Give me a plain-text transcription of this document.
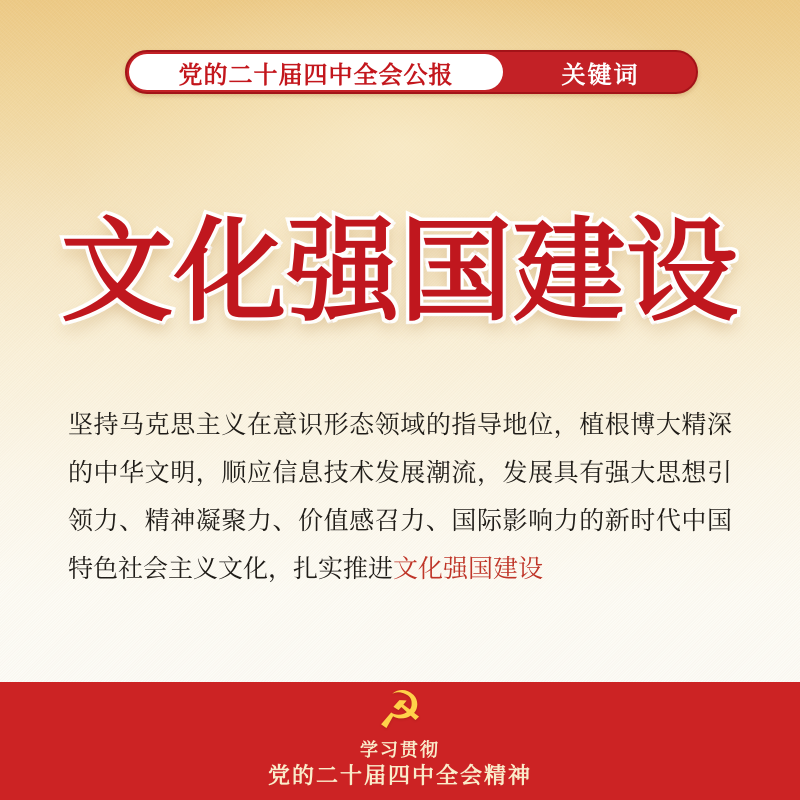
党的二十届四中全会公报	关键词
文化强国建设
坚持马克思主义在意识形态领域的指导地位，植根博大精深
的中华文明，顺应信息技术发展潮流，发展具有强大思想引
领力、精神凝聚力、价值感召力、国际影响力的新时代中国
特色社会主义文化，扎实推进文化强国建设
☭
学习贯彻
党的二十届四中全会精神
